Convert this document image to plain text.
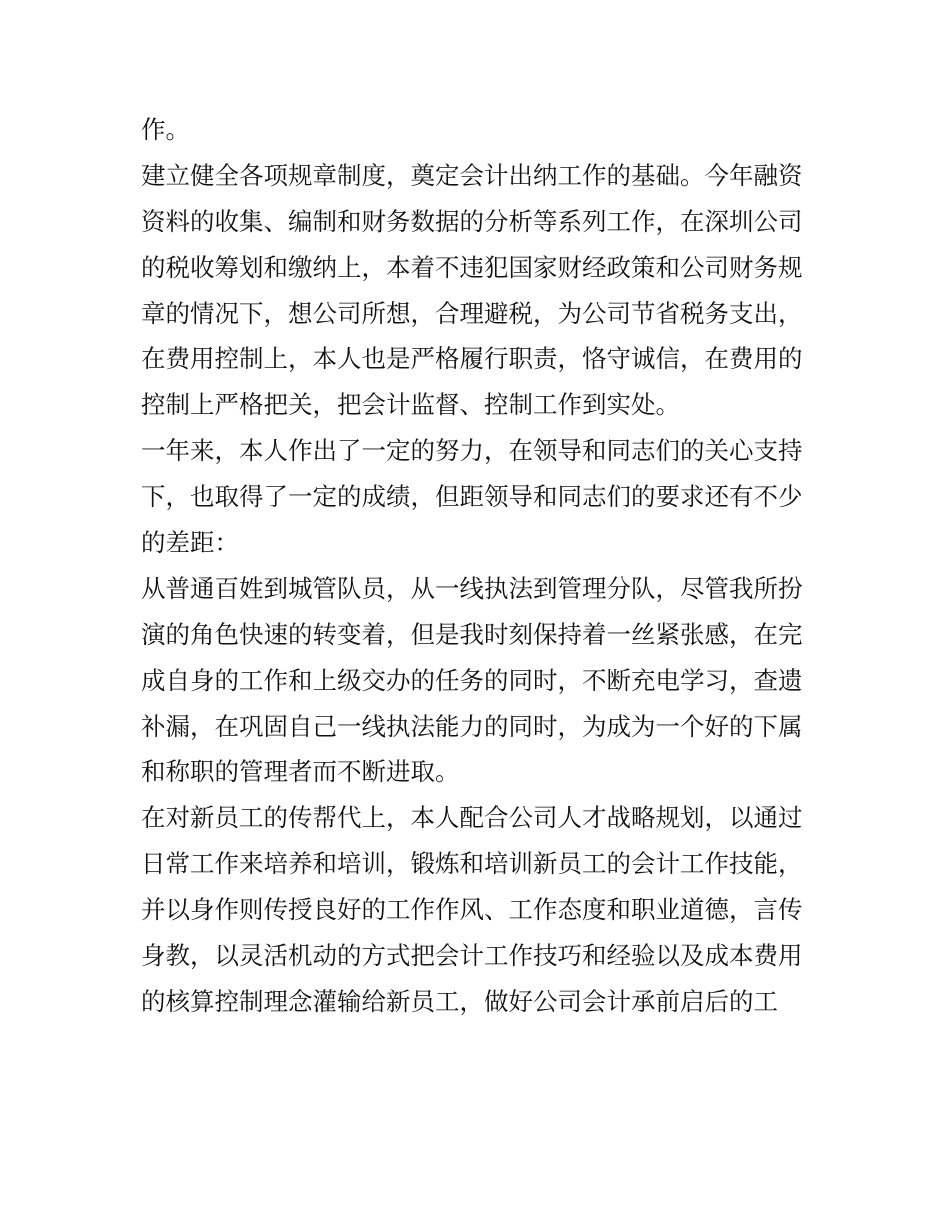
作。
建立健全各项规章制度，奠定会计出纳工作的基础。今年融资
资料的收集、编制和财务数据的分析等系列工作，在深圳公司
的税收筹划和缴纳上，本着不违犯国家财经政策和公司财务规
章的情况下，想公司所想，合理避税，为公司节省税务支出，
在费用控制上，本人也是严格履行职责，恪守诚信，在费用的
控制上严格把关，把会计监督、控制工作到实处。
一年来，本人作出了一定的努力，在领导和同志们的关心支持
下，也取得了一定的成绩，但距领导和同志们的要求还有不少
的差距：
从普通百姓到城管队员，从一线执法到管理分队，尽管我所扮
演的角色快速的转变着，但是我时刻保持着一丝紧张感，在完
成自身的工作和上级交办的任务的同时，不断充电学习，查遗
补漏，在巩固自己一线执法能力的同时，为成为一个好的下属
和称职的管理者而不断进取。
在对新员工的传帮代上，本人配合公司人才战略规划，以通过
日常工作来培养和培训，锻炼和培训新员工的会计工作技能，
并以身作则传授良好的工作作风、工作态度和职业道德，言传
身教，以灵活机动的方式把会计工作技巧和经验以及成本费用
的核算控制理念灌输给新员工，做好公司会计承前启后的工
